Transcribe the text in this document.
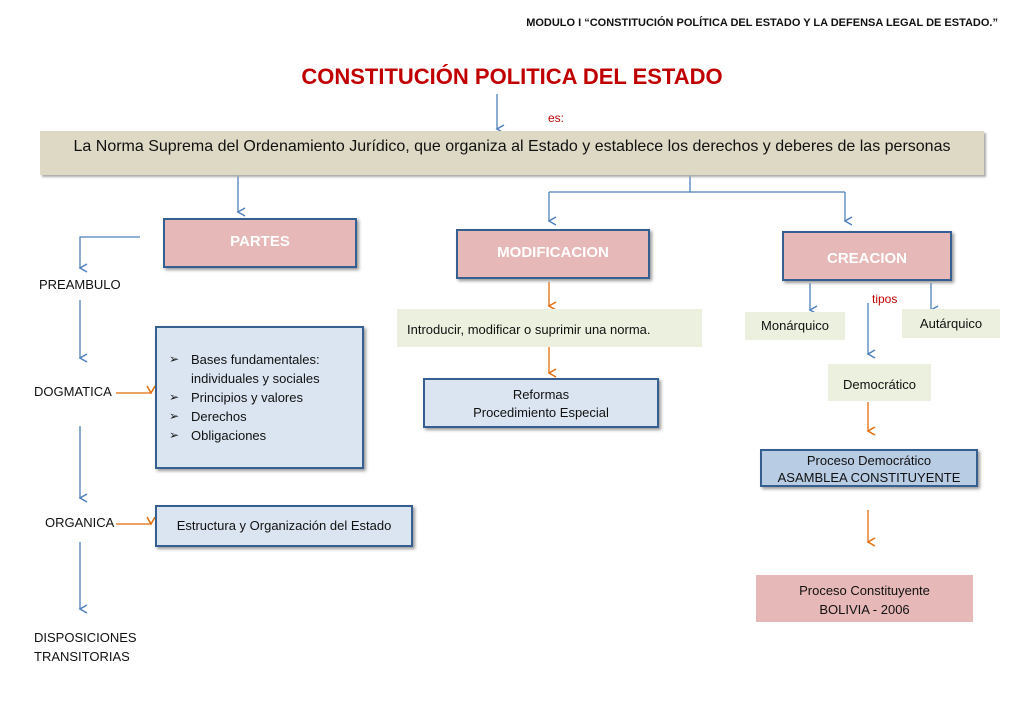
MODULO I “CONSTITUCIÓN POLÍTICA DEL ESTADO Y LA DEFENSA LEGAL DE ESTADO.”
CONSTITUCIÓN POLITICA DEL ESTADO
es:
La Norma Suprema del Ordenamiento Jurídico, que organiza al Estado y establece los derechos y deberes de las personas
PARTES
PREAMBULO
DOGMATICA
ORGANICA
DISPOSICIONES TRANSITORIAS
➢ Bases fundamentales: individuales y sociales
➢ Principios y valores
➢ Derechos
➢ Obligaciones
Estructura y Organización del Estado
MODIFICACION
Introducir, modificar o suprimir una norma.
Reformas
Procedimiento Especial
CREACION
tipos
Monárquico	Autárquico
Democrático
Proceso Democrático
ASAMBLEA CONSTITUYENTE
Proceso Constituyente
BOLIVIA - 2006
